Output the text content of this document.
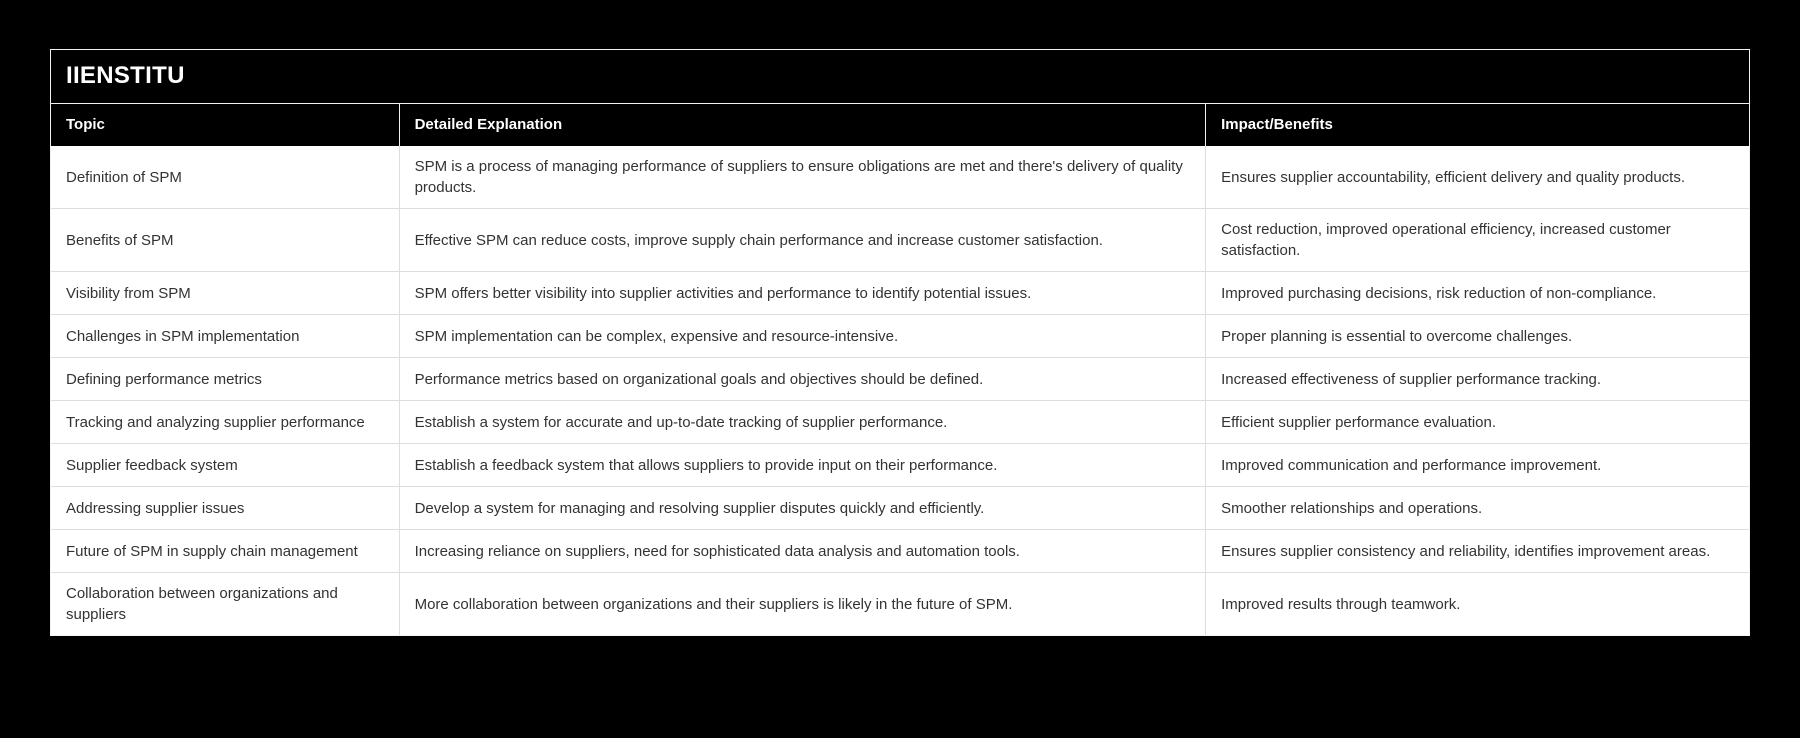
IIENSTITU
Topic	Detailed Explanation	Impact/Benefits
Definition of SPM	SPM is a process of managing performance of suppliers to ensure obligations are met and there's delivery of quality products.	Ensures supplier accountability, efficient delivery and quality products.
Benefits of SPM	Effective SPM can reduce costs, improve supply chain performance and increase customer satisfaction.	Cost reduction, improved operational efficiency, increased customer satisfaction.
Visibility from SPM	SPM offers better visibility into supplier activities and performance to identify potential issues.	Improved purchasing decisions, risk reduction of non-compliance.
Challenges in SPM implementation	SPM implementation can be complex, expensive and resource-intensive.	Proper planning is essential to overcome challenges.
Defining performance metrics	Performance metrics based on organizational goals and objectives should be defined.	Increased effectiveness of supplier performance tracking.
Tracking and analyzing supplier performance	Establish a system for accurate and up-to-date tracking of supplier performance.	Efficient supplier performance evaluation.
Supplier feedback system	Establish a feedback system that allows suppliers to provide input on their performance.	Improved communication and performance improvement.
Addressing supplier issues	Develop a system for managing and resolving supplier disputes quickly and efficiently.	Smoother relationships and operations.
Future of SPM in supply chain management	Increasing reliance on suppliers, need for sophisticated data analysis and automation tools.	Ensures supplier consistency and reliability, identifies improvement areas.
Collaboration between organizations and suppliers	More collaboration between organizations and their suppliers is likely in the future of SPM.	Improved results through teamwork.
